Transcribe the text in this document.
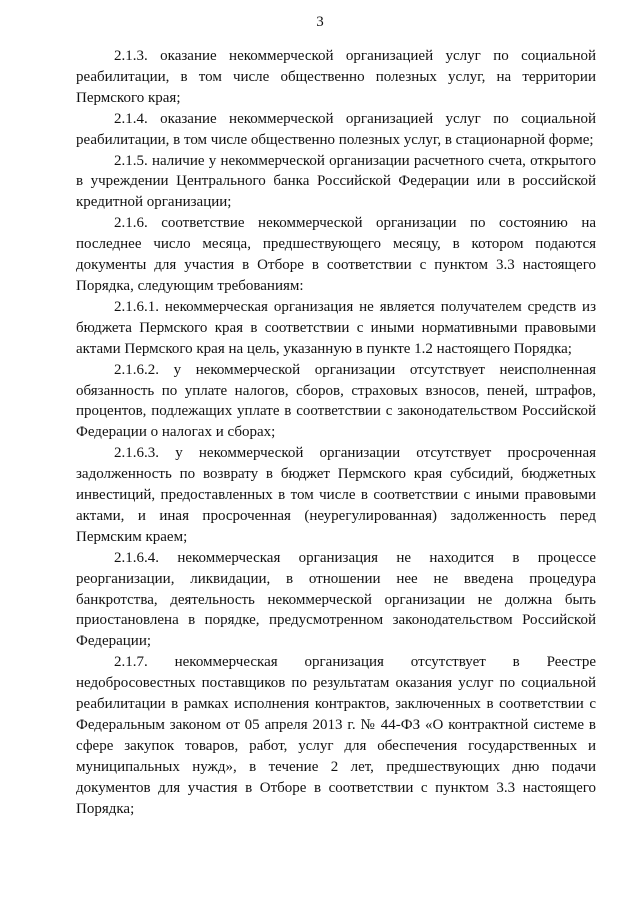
3

2.1.3. оказание некоммерческой организацией услуг по социальной реабилитации, в том числе общественно полезных услуг, на территории Пермского края;

2.1.4. оказание некоммерческой организацией услуг по социальной реабилитации, в том числе общественно полезных услуг, в стационарной форме;

2.1.5. наличие у некоммерческой организации расчетного счета, открытого в учреждении Центрального банка Российской Федерации или в российской кредитной организации;

2.1.6. соответствие некоммерческой организации по состоянию на последнее число месяца, предшествующего месяцу, в котором подаются документы для участия в Отборе в соответствии с пунктом 3.3 настоящего Порядка, следующим требованиям:

2.1.6.1. некоммерческая организация не является получателем средств из бюджета Пермского края в соответствии с иными нормативными правовыми актами Пермского края на цель, указанную в пункте 1.2 настоящего Порядка;

2.1.6.2. у некоммерческой организации отсутствует неисполненная обязанность по уплате налогов, сборов, страховых взносов, пеней, штрафов, процентов, подлежащих уплате в соответствии с законодательством Российской Федерации о налогах и сборах;

2.1.6.3. у некоммерческой организации отсутствует просроченная задолженность по возврату в бюджет Пермского края субсидий, бюджетных инвестиций, предоставленных в том числе в соответствии с иными правовыми актами, и иная просроченная (неурегулированная) задолженность перед Пермским краем;

2.1.6.4. некоммерческая организация не находится в процессе реорганизации, ликвидации, в отношении нее не введена процедура банкротства, деятельность некоммерческой организации не должна быть приостановлена в порядке, предусмотренном законодательством Российской Федерации;

2.1.7. некоммерческая организация отсутствует в Реестре недобросовестных поставщиков по результатам оказания услуг по социальной реабилитации в рамках исполнения контрактов, заключенных в соответствии с Федеральным законом от 05 апреля 2013 г. № 44-ФЗ «О контрактной системе в сфере закупок товаров, работ, услуг для обеспечения государственных и муниципальных нужд», в течение 2 лет, предшествующих дню подачи документов для участия в Отборе в соответствии с пунктом 3.3 настоящего Порядка;
